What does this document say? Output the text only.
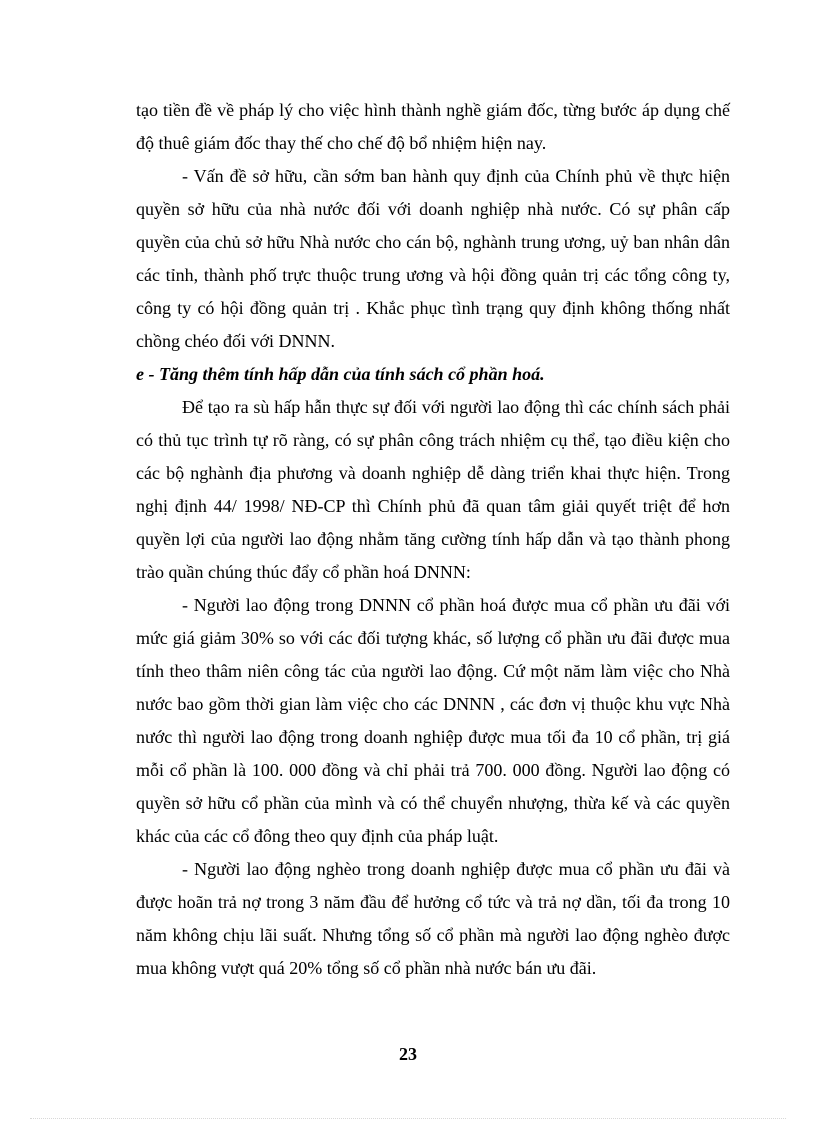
tạo tiền đề về pháp lý cho việc hình thành nghề giám đốc, từng bước áp dụng chế độ thuê giám đốc thay thế cho chế độ bổ nhiệm hiện nay.

- Vấn đề sở hữu, cần sớm ban hành quy định của Chính phủ về thực hiện quyền sở hữu của nhà nước đối với doanh nghiệp nhà nước. Có sự phân cấp quyền của chủ sở hữu Nhà nước cho cán bộ, nghành trung ương, uỷ ban nhân dân các tỉnh, thành phố trực thuộc trung ương và hội đồng quản trị các tổng công ty, công ty có hội đồng quản trị . Khắc phục tình trạng quy định không thống nhất chồng chéo đối với DNNN.

e - Tăng thêm tính hấp dẫn của tính sách cổ phần hoá.

Để tạo ra sù hấp hẫn thực sự đối với người lao động thì các chính sách phải có thủ tục trình tự rõ ràng, có sự phân công trách nhiệm cụ thể, tạo điều kiện cho các bộ nghành địa phương và doanh nghiệp dễ dàng triển khai thực hiện. Trong nghị định 44/ 1998/ NĐ-CP thì Chính phủ đã quan tâm giải quyết triệt để hơn quyền lợi của người lao động nhằm tăng cường tính hấp dẫn và tạo thành phong trào quần chúng thúc đẩy cổ phần hoá DNNN:

- Người lao động trong DNNN cổ phần hoá được mua cổ phần ưu đãi với mức giá giảm 30% so với các đối tượng khác, số lượng cổ phần ưu đãi được mua tính theo thâm niên công tác của người lao động. Cứ một năm làm việc cho Nhà nước bao gồm thời gian làm việc cho các DNNN , các đơn vị thuộc khu vực Nhà nước thì người lao động trong doanh nghiệp được mua tối đa 10 cổ phần, trị giá mỗi cổ phần là 100. 000 đồng và chỉ phải trả 700. 000 đồng. Người lao động có quyền sở hữu cổ phần của mình và có thể chuyển nhượng, thừa kế và các quyền khác của các cổ đông theo quy định của pháp luật.

- Người lao động nghèo trong doanh nghiệp được mua cổ phần ưu đãi và được hoãn trả nợ trong 3 năm đầu để hưởng cổ tức và trả nợ dần, tối đa trong 10 năm không chịu lãi suất. Nhưng tổng số cổ phần mà người lao động nghèo được mua không vượt quá 20% tổng số cổ phần nhà nước bán ưu đãi.

23
